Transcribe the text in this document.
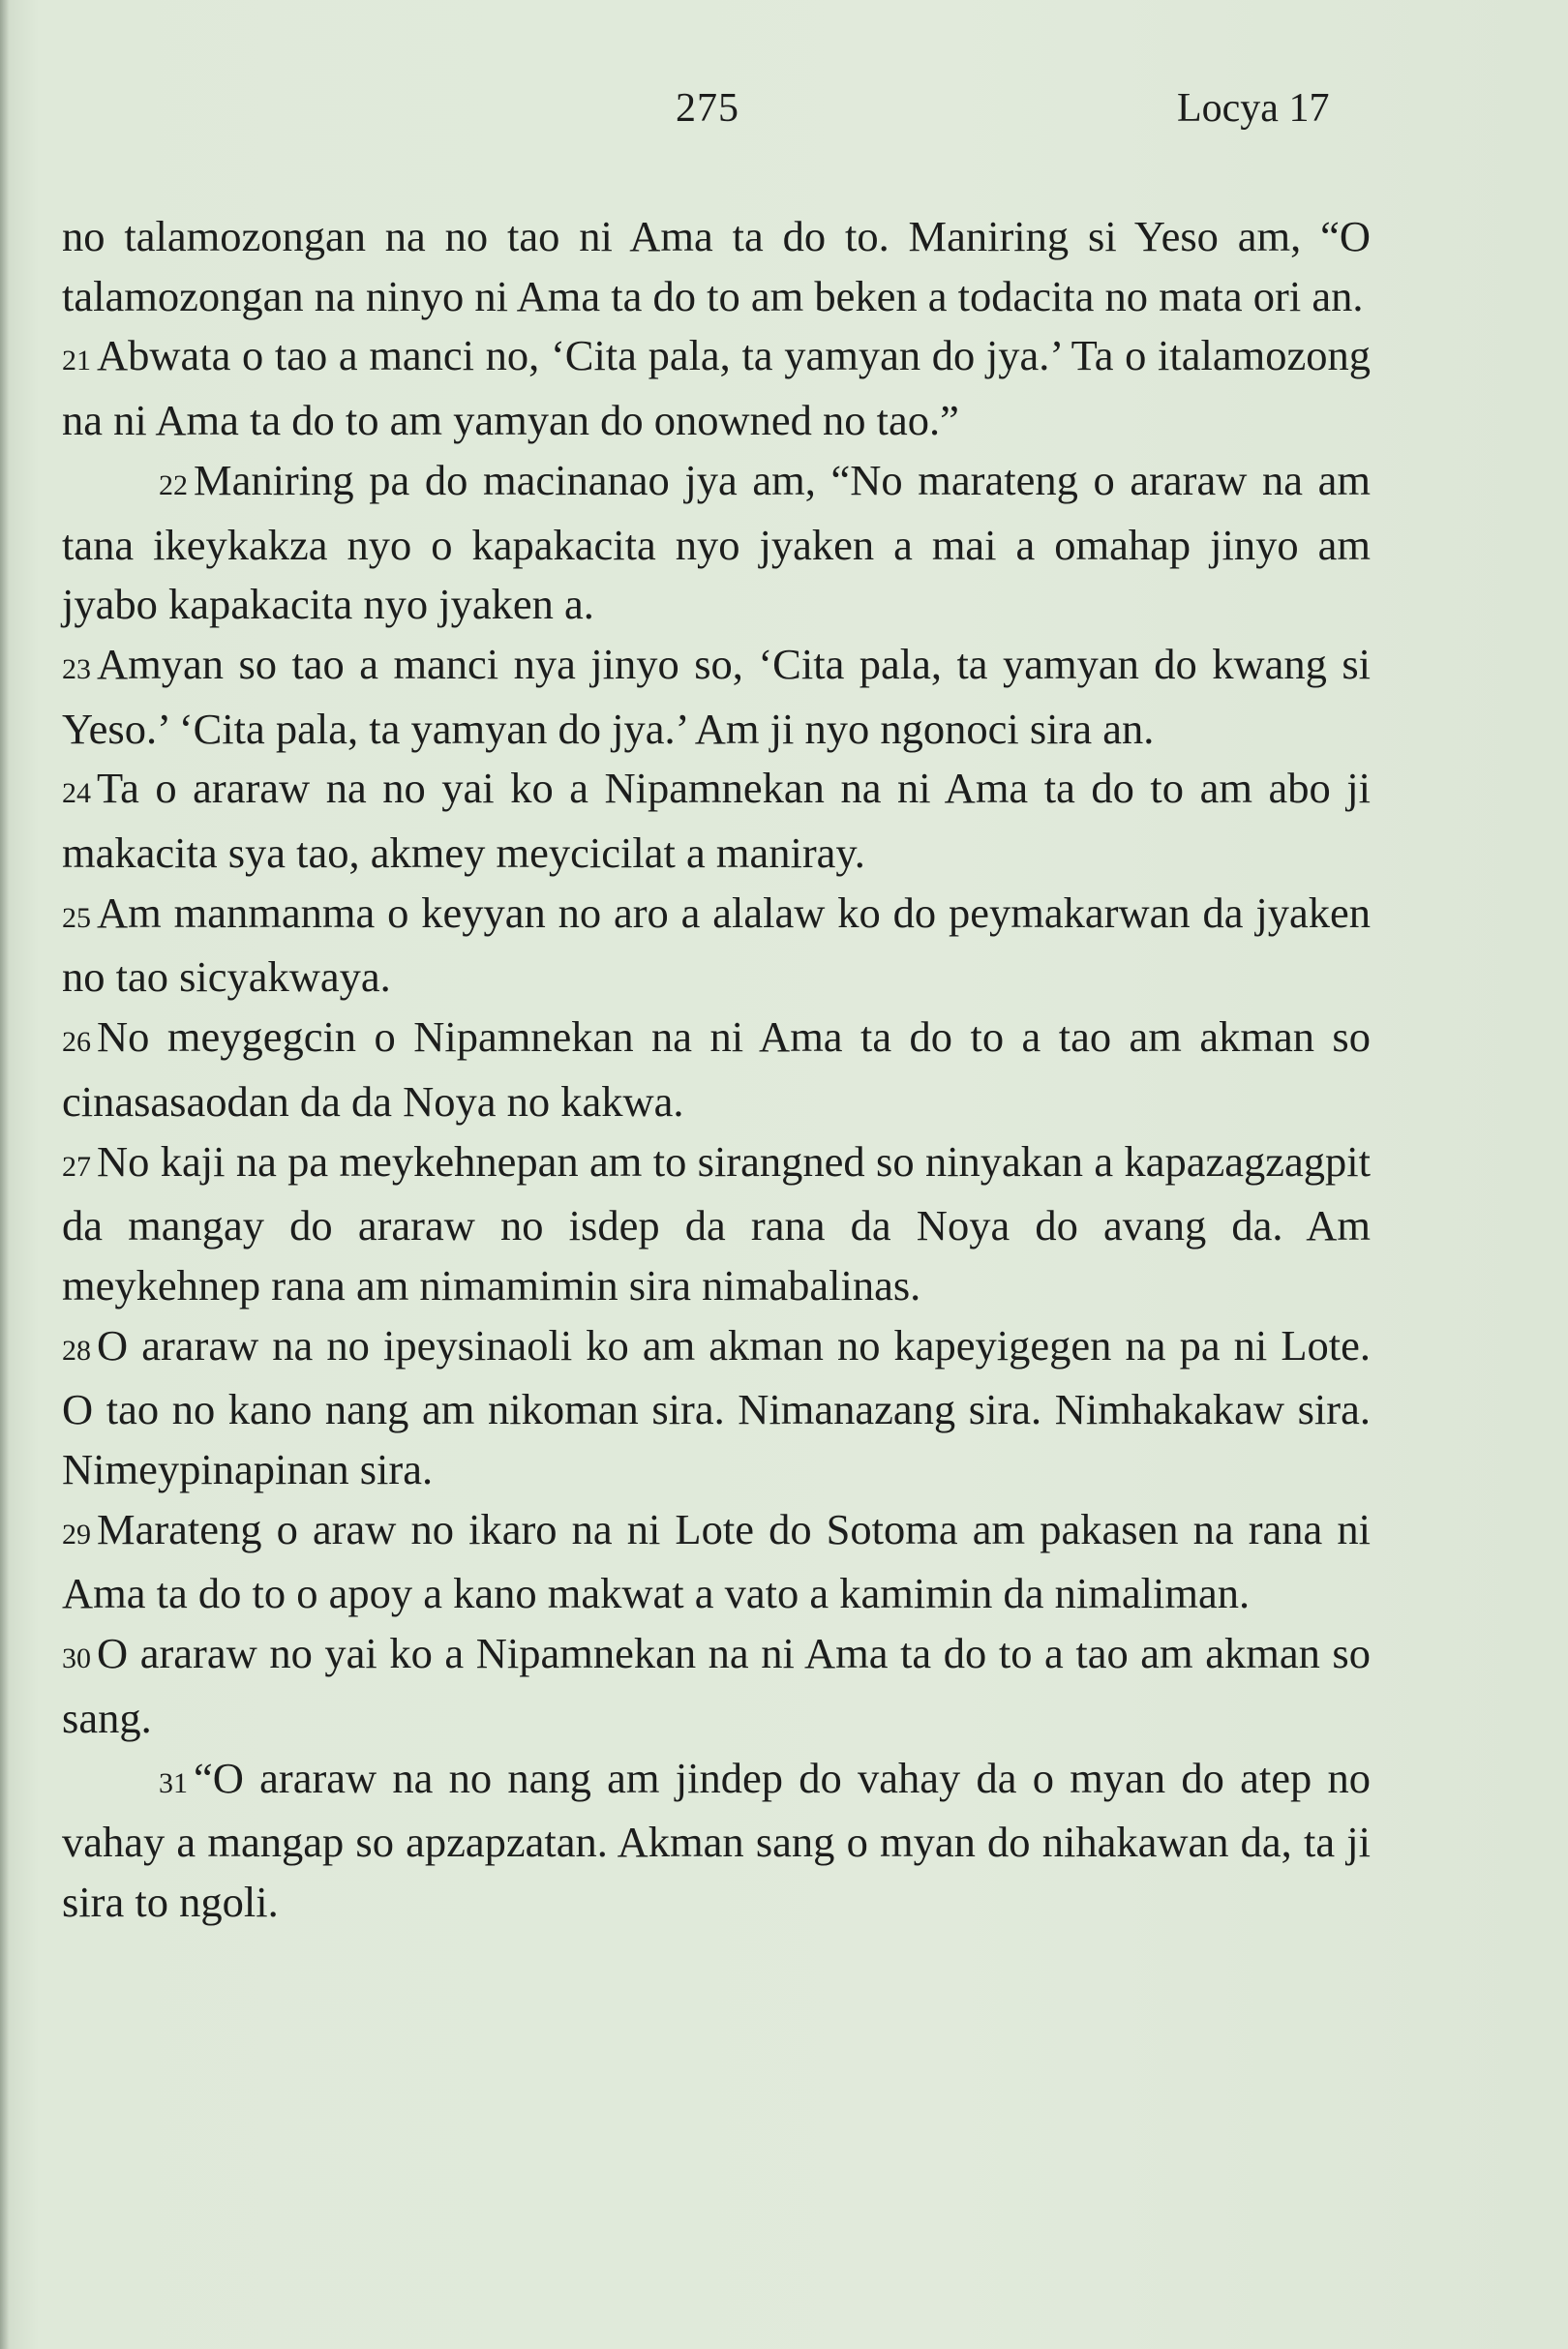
275	Locya 17

no talamozongan na no tao ni Ama ta do to. Maniring si Yeso am, “O talamozongan na ninyo ni Ama ta do to am beken a todacita no mata ori an.

21 Abwata o tao a manci no, ‘Cita pala, ta yamyan do jya.’ Ta o italamozong na ni Ama ta do to am yamyan do onowned no tao.”

22 Maniring pa do macinanao jya am, “No marateng o araraw na am tana ikeykakza nyo o kapakacita nyo jyaken a mai a omahap jinyo am jyabo kapakacita nyo jyaken a.

23 Amyan so tao a manci nya jinyo so, ‘Cita pala, ta yamyan do kwang si Yeso.’ ‘Cita pala, ta yamyan do jya.’ Am ji nyo ngonoci sira an.

24 Ta o araraw na no yai ko a Nipamnekan na ni Ama ta do to am abo ji makacita sya tao, akmey meycicilat a maniray.

25 Am manmanma o keyyan no aro a alalaw ko do peymakarwan da jyaken no tao sicyakwaya.

26 No meygegcin o Nipamnekan na ni Ama ta do to a tao am akman so cinasasaodan da da Noya no kakwa.

27 No kaji na pa meykehnepan am to sirangned so ninyakan a kapazagzagpit da mangay do araraw no isdep da rana da Noya do avang da. Am meykehnep rana am nimamimin sira nimabalinas.

28 O araraw na no ipeysinaoli ko am akman no kapeyigegen na pa ni Lote. O tao no kano nang am nikoman sira. Nimanazang sira. Nimhakakaw sira. Nimeypinapinan sira.

29 Marateng o araw no ikaro na ni Lote do Sotoma am pakasen na rana ni Ama ta do to o apoy a kano makwat a vato a kamimin da nimaliman.

30 O araraw no yai ko a Nipamnekan na ni Ama ta do to a tao am akman so sang.

31 “O araraw na no nang am jindep do vahay da o myan do atep no vahay a mangap so apzapzatan. Akman sang o myan do nihakawan da, ta ji sira to ngoli.
